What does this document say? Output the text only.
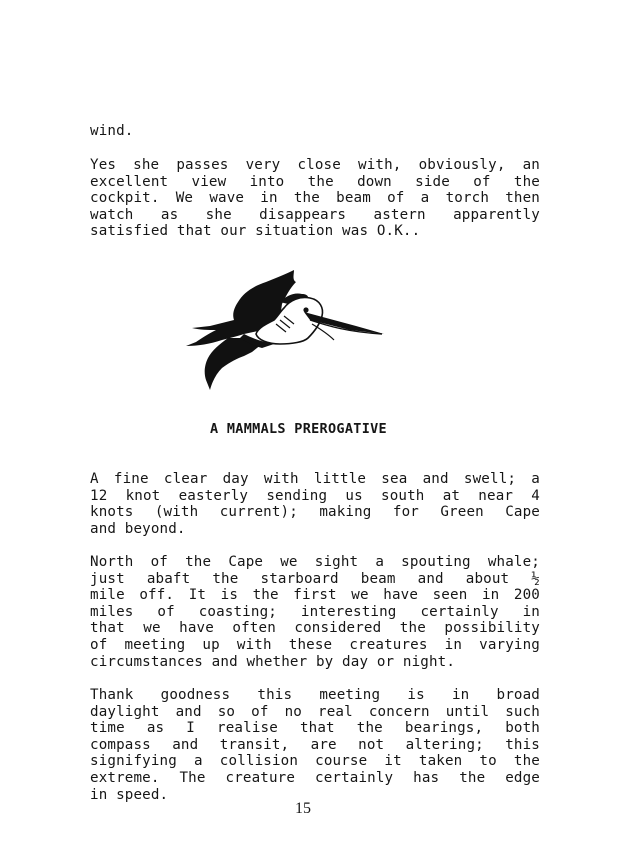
wind.

Yes she passes very close with, obviously, an
excellent view into the down side of the
cockpit. We wave in the beam of a torch then
watch as she disappears astern apparently
satisfied that our situation was O.K..

A MAMMALS PREROGATIVE

A fine clear day with little sea and swell; a
12 knot easterly sending us south at near 4
knots (with current); making for Green Cape
and beyond.

North of the Cape we sight a spouting whale;
just abaft the starboard beam and about ½
mile off. It is the first we have seen in 200
miles of coasting; interesting certainly in
that we have often considered the possibility
of meeting up with these creatures in varying
circumstances and whether by day or night.

Thank goodness this meeting is in broad
daylight and so of no real concern until such
time as I realise that the bearings, both
compass and transit, are not altering; this
signifying a collision course it taken to the
extreme. The creature certainly has the edge
in speed.

15
